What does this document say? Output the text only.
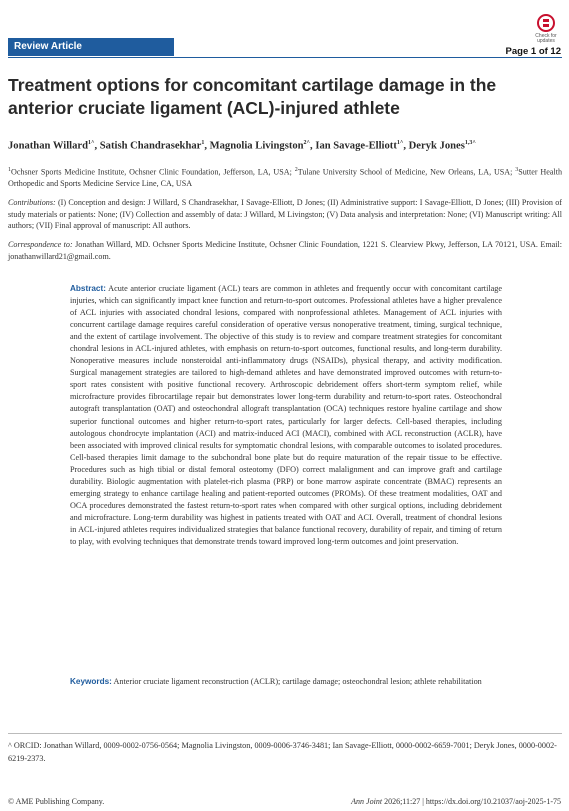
Review Article
Check for updates
Page 1 of 12
Treatment options for concomitant cartilage damage in the anterior cruciate ligament (ACL)-injured athlete
Jonathan Willard$^{1\^{}}$, Satish Chandrasekhar$^1$, Magnolia Livingston$^{2\^{}}$, Ian Savage-Elliott$^{1\^{}}$, Deryk Jones$^{1,3\^{}}$
$^1$Ochsner Sports Medicine Institute, Ochsner Clinic Foundation, Jefferson, LA, USA; $^2$Tulane University School of Medicine, New Orleans, LA, USA; $^3$Sutter Health Orthopedic and Sports Medicine Service Line, CA, USA
Contributions: (I) Conception and design: J Willard, S Chandrasekhar, I Savage-Elliott, D Jones; (II) Administrative support: I Savage-Elliott, D Jones; (III) Provision of study materials or patients: None; (IV) Collection and assembly of data: J Willard, M Livingston; (V) Data analysis and interpretation: None; (VI) Manuscript writing: All authors; (VII) Final approval of manuscript: All authors.
Correspondence to: Jonathan Willard, MD. Ochsner Sports Medicine Institute, Ochsner Clinic Foundation, 1221 S. Clearview Pkwy, Jefferson, LA 70121, USA. Email: jonathanwillard21@gmail.com.
Abstract: Acute anterior cruciate ligament (ACL) tears are common in athletes and frequently occur with concomitant cartilage injuries, which can significantly impact knee function and return-to-sport outcomes. Professional athletes have a higher prevalence of ACL injuries with associated chondral lesions, compared with nonprofessional athletes. Management of ACL injuries with concurrent cartilage damage requires careful consideration of operative versus nonoperative treatment, timing, surgical technique, and the extent of cartilage involvement. The objective of this study is to review and compare treatment strategies for concomitant chondral lesions in ACL-injured athletes, with emphasis on return-to-sport outcomes, functional results, and long-term durability. Nonoperative measures include nonsteroidal anti-inflammatory drugs (NSAIDs), physical therapy, and activity modification. Surgical management strategies are tailored to high-demand athletes and have demonstrated improved outcomes with return-to-sport rates consistent with positive functional recovery. Arthroscopic debridement offers short-term symptom relief, while microfracture provides fibrocartilage repair but demonstrates lower long-term durability and return-to-sport rates. Osteochondral autograft transplantation (OAT) and osteochondral allograft transplantation (OCA) techniques restore hyaline cartilage and show superior functional outcomes and higher return-to-sport rates, particularly for larger defects. Cell-based therapies, including autologous chondrocyte implantation (ACI) and matrix-induced ACI (MACI), combined with ACL reconstruction (ACLR), have been associated with improved clinical results for symptomatic chondral lesions, with comparable outcomes to isolated procedures. Cell-based therapies limit damage to the subchondral bone plate but do require maturation of the repair tissue to be effective. Procedures such as high tibial or distal femoral osteotomy (DFO) correct malalignment and can improve graft and cartilage durability. Biologic augmentation with platelet-rich plasma (PRP) or bone marrow aspirate concentrate (BMAC) represents an emerging strategy to enhance cartilage healing and patient-reported outcomes (PROMs). Of these treatment modalities, OAT and OCA procedures demonstrated the fastest return-to-sport rates when compared with other surgical options, including debridement and microfracture. Long-term durability was highest in patients treated with OAT and ACI. Overall, treatment of chondral lesions in ACL-injured athletes requires individualized strategies that balance functional recovery, durability of repair, and timing of return to play, with evolving techniques that demonstrate trends toward improved long-term outcomes and joint preservation.
Keywords: Anterior cruciate ligament reconstruction (ACLR); cartilage damage; osteochondral lesion; athlete rehabilitation
^ ORCID: Jonathan Willard, 0009-0002-0756-0564; Magnolia Livingston, 0009-0006-3746-3481; Ian Savage-Elliott, 0000-0002-6659-7001; Deryk Jones, 0000-0002-6219-2373.
© AME Publishing Company.	Ann Joint 2026;11:27 | https://dx.doi.org/10.21037/aoj-2025-1-75
